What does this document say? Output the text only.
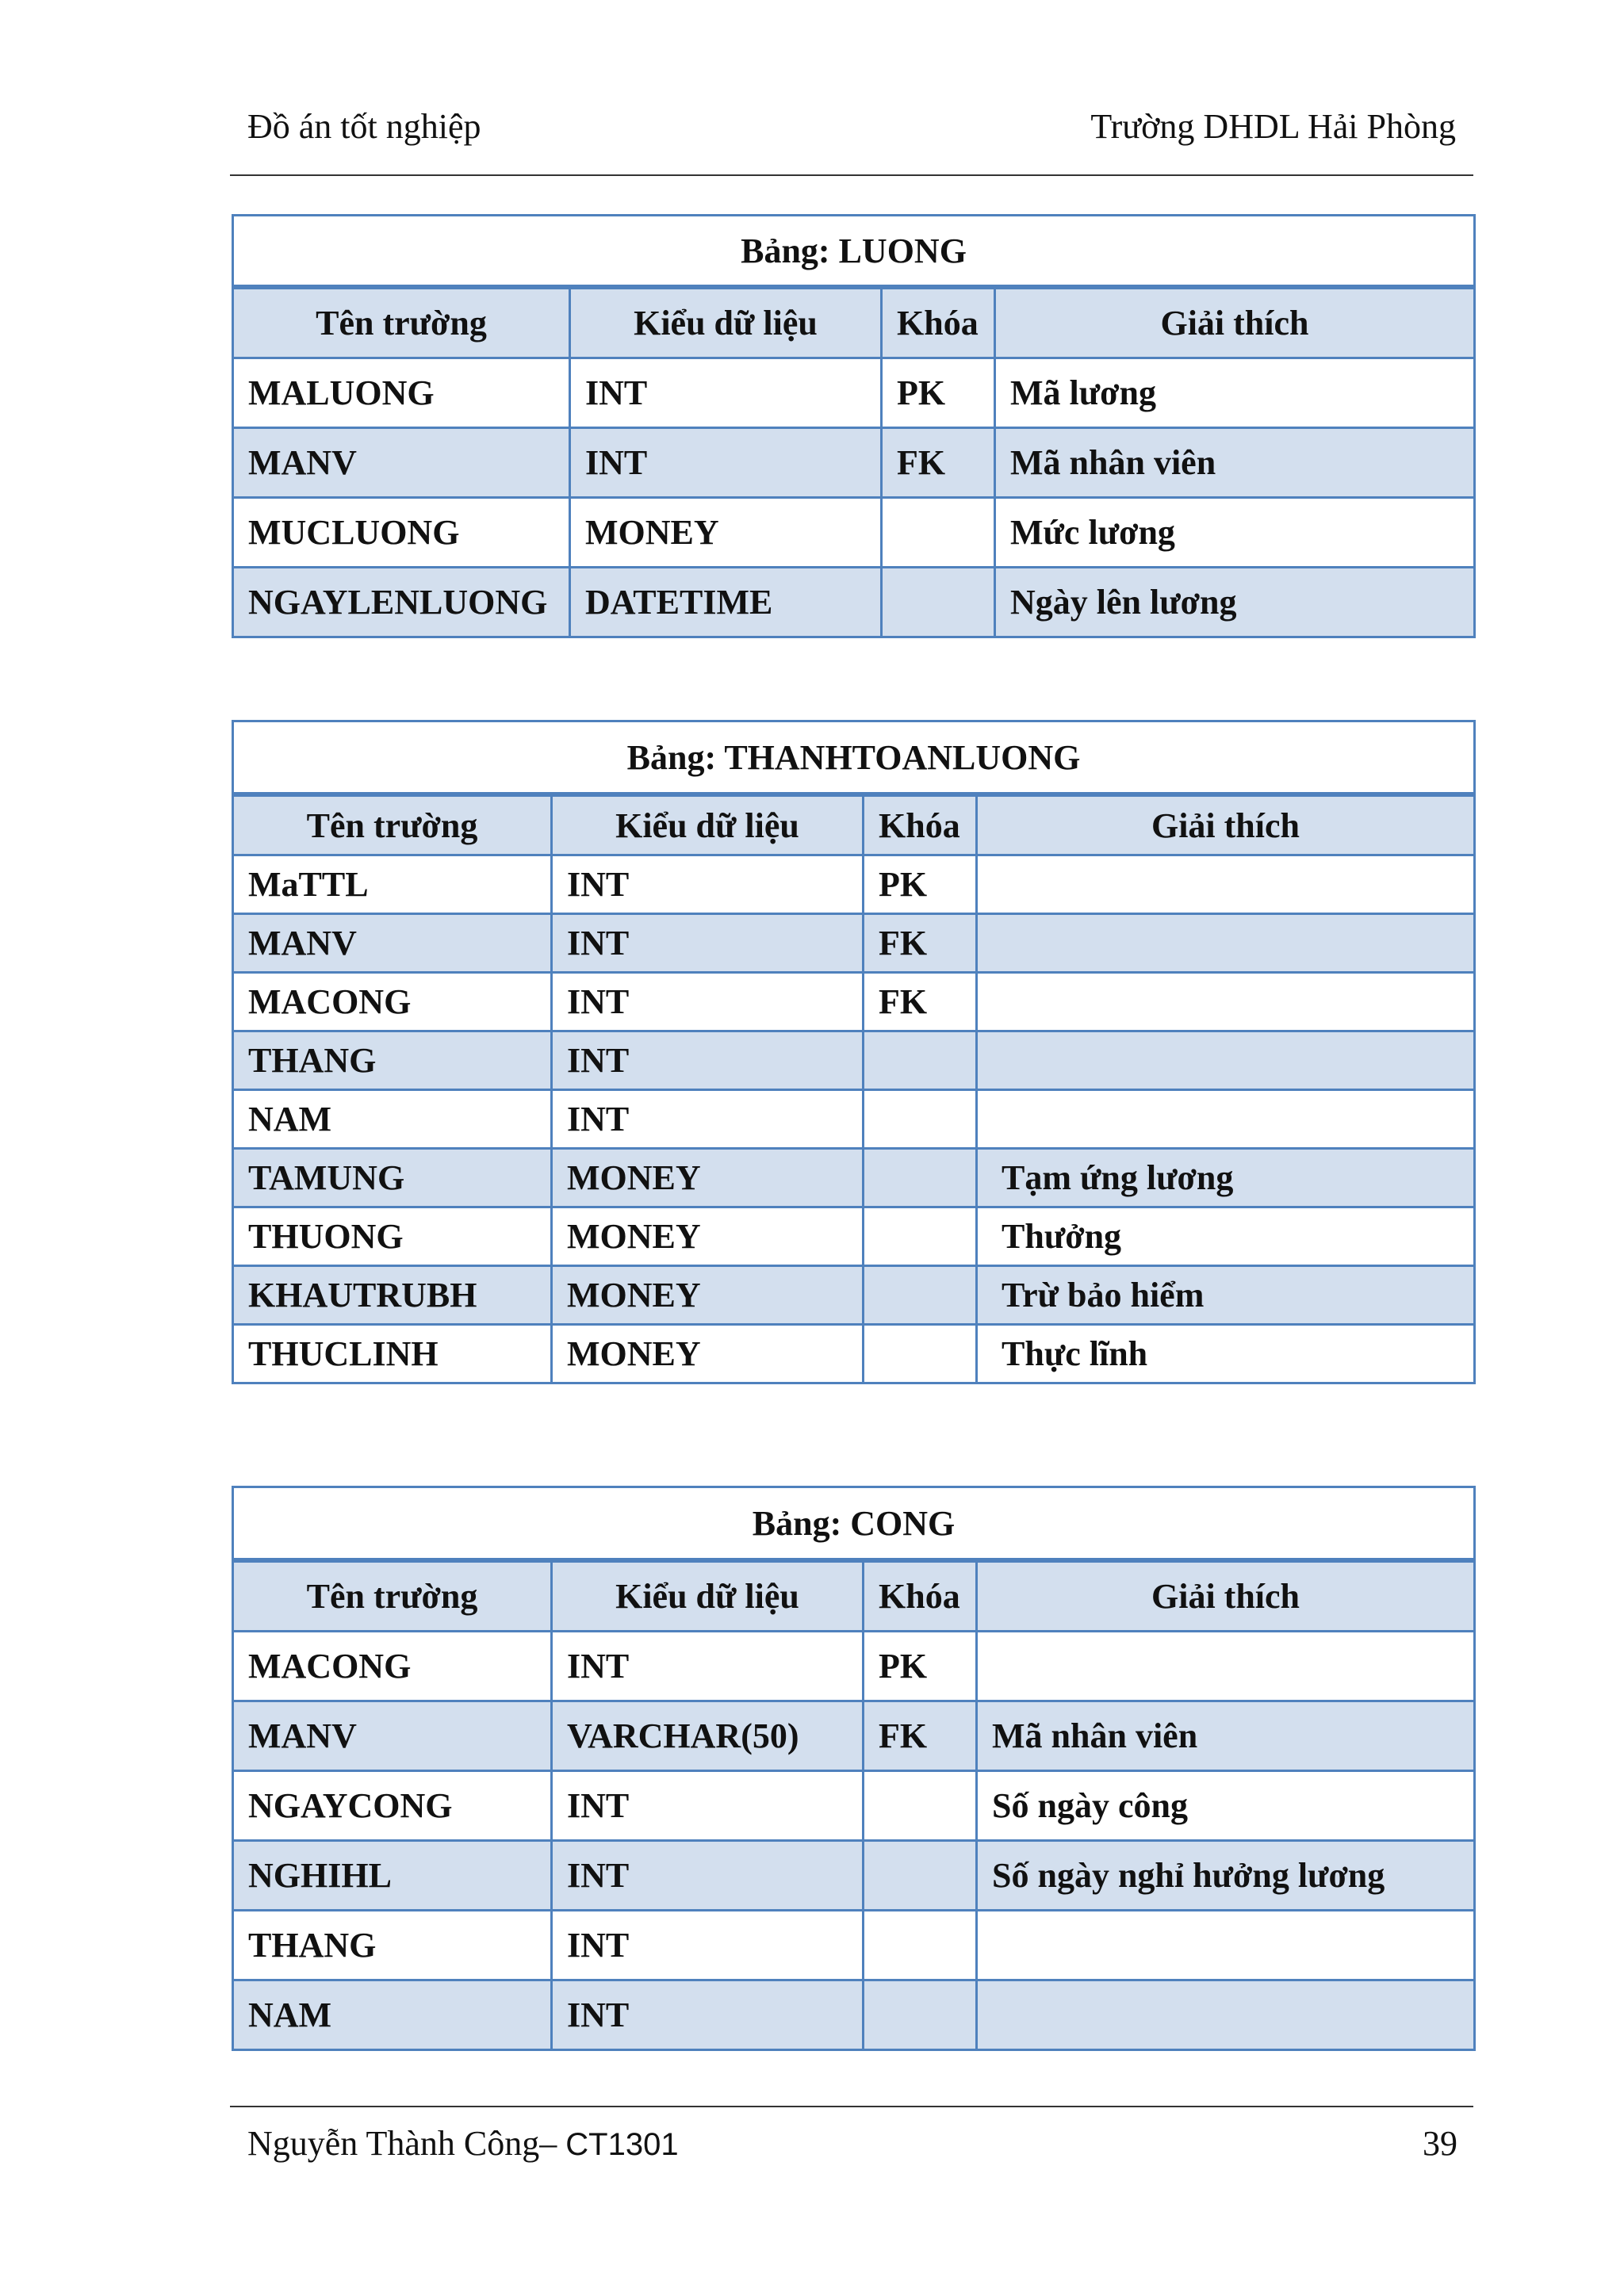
Đồ án tốt nghiệp	Trường DHDL Hải Phòng
Bảng: LUONG			
Tên trường	Kiểu dữ liệu	Khóa	Giải thích
MALUONG	INT	PK	Mã lương
MANV	INT	FK	Mã nhân viên
MUCLUONG	MONEY		Mức lương
NGAYLENLUONG	DATETIME		Ngày lên lương
Bảng: THANHTOANLUONG			
Tên trường	Kiểu dữ liệu	Khóa	Giải thích
MaTTL	INT	PK	
MANV	INT	FK	
MACONG	INT	FK	
THANG	INT		
NAM	INT		
TAMUNG	MONEY		Tạm ứng lương
THUONG	MONEY		Thưởng
KHAUTRUBH	MONEY		Trừ bảo hiểm
THUCLINH	MONEY		Thực lĩnh
Bảng: CONG			
Tên trường	Kiểu dữ liệu	Khóa	Giải thích
MACONG	INT	PK	
MANV	VARCHAR(50)	FK	Mã nhân viên
NGAYCONG	INT		Số ngày công
NGHIHL	INT		Số ngày nghỉ hưởng lương
THANG	INT		
NAM	INT		
Nguyễn Thành Công– CT1301	39
